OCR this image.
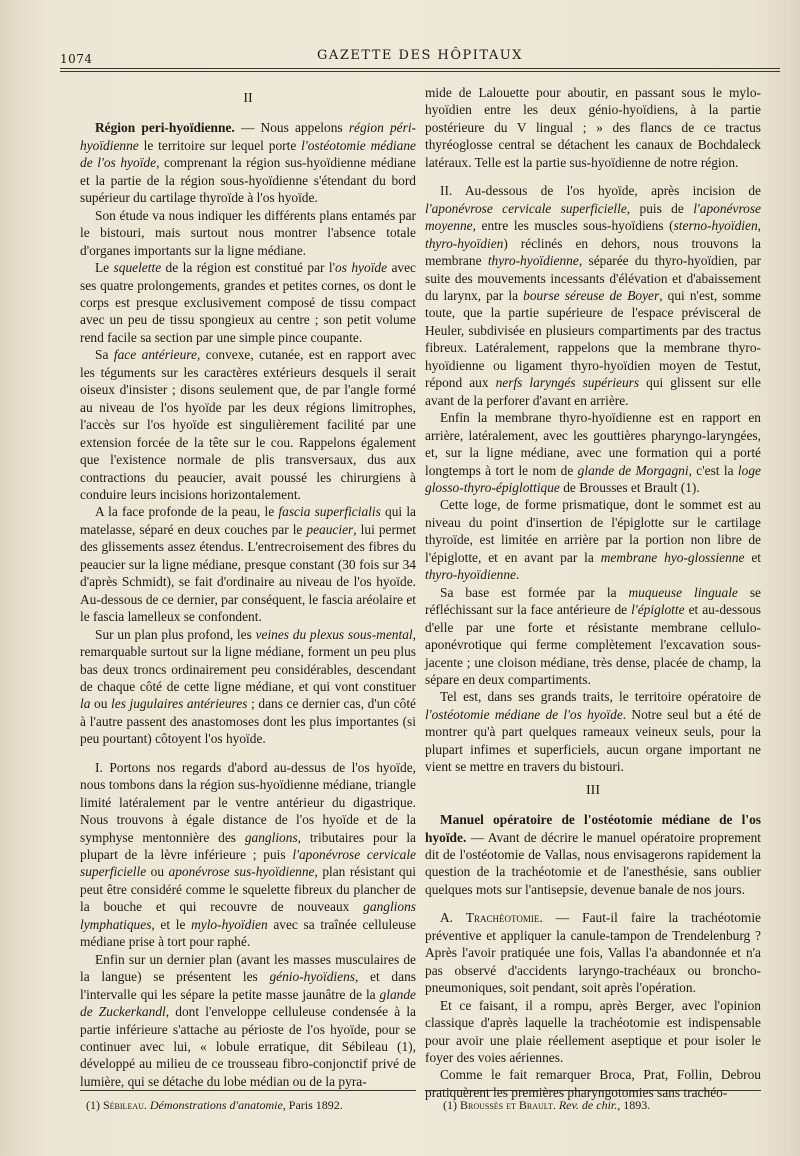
1074	GAZETTE DES HÔPITAUX
II

Région peri-hyoïdienne. — Nous appelons région péri-hyoïdienne le territoire sur lequel porte l'ostéotomie médiane de l'os hyoïde, comprenant la région sus-hyoïdienne médiane et la partie de la région sous-hyoïdienne s'étendant du bord supérieur du cartilage thyroïde à l'os hyoïde.

Son étude va nous indiquer les différents plans entamés par le bistouri, mais surtout nous montrer l'absence totale d'organes importants sur la ligne médiane.

Le squelette de la région est constitué par l'os hyoïde avec ses quatre prolongements, grandes et petites cornes, os dont le corps est presque exclusivement composé de tissu compact avec un peu de tissu spongieux au centre ; son petit volume rend facile sa section par une simple pince coupante.

Sa face antérieure, convexe, cutanée, est en rapport avec les téguments sur les caractères extérieurs desquels il serait oiseux d'insister ; disons seulement que, de par l'angle formé au niveau de l'os hyoïde par les deux régions limitrophes, l'accès sur l'os hyoïde est singulièrement facilité par une extension forcée de la tête sur le cou. Rappelons également que l'existence normale de plis transversaux, dus aux contractions du peaucier, avait poussé les chirurgiens à conduire leurs incisions horizontalement.

A la face profonde de la peau, le fascia superficialis qui la matelasse, séparé en deux couches par le peaucier, lui permet des glissements assez étendus. L'entrecroisement des fibres du peaucier sur la ligne médiane, presque constant (30 fois sur 34 d'après Schmidt), se fait d'ordinaire au niveau de l'os hyoïde. Au-dessous de ce dernier, par conséquent, le fascia aréolaire et le fascia lamelleux se confondent.

Sur un plan plus profond, les veines du plexus sous-mental, remarquable surtout sur la ligne médiane, forment un peu plus bas deux troncs ordinairement peu considérables, descendant de chaque côté de cette ligne médiane, et qui vont constituer la ou les jugulaires antérieures ; dans ce dernier cas, d'un côté à l'autre passent des anastomoses dont les plus importantes (si peu pourtant) côtoyent l'os hyoïde.

I. Portons nos regards d'abord au-dessus de l'os hyoïde, nous tombons dans la région sus-hyoïdienne médiane, triangle limité latéralement par le ventre antérieur du digastrique. Nous trouvons à égale distance de l'os hyoïde et de la symphyse mentonnière des ganglions, tributaires pour la plupart de la lèvre inférieure ; puis l'aponévrose cervicale superficielle ou aponévrose sus-hyoïdienne, plan résistant qui peut être considéré comme le squelette fibreux du plancher de la bouche et qui recouvre de nouveaux ganglions lymphatiques, et le mylo-hyoïdien avec sa traînée celluleuse médiane prise à tort pour raphé.

Enfin sur un dernier plan (avant les masses musculaires de la langue) se présentent les génio-hyoïdiens, et dans l'intervalle qui les sépare la petite masse jaunâtre de la glande de Zuckerkandl, dont l'enveloppe celluleuse condensée à la partie inférieure s'attache au périoste de l'os hyoïde, pour se continuer avec lui, « lobule erratique, dit Sébileau (1), développé au milieu de ce trousseau fibro-conjonctif privé de lumière, qui se détache du lobe médian ou de la pyra-

mide de Lalouette pour aboutir, en passant sous le mylo-hyoïdien entre les deux génio-hyoïdiens, à la partie postérieure du V lingual ; » des flancs de ce tractus thyréoglosse central se détachent les canaux de Bochdaleck latéraux. Telle est la partie sus-hyoïdienne de notre région.

II. Au-dessous de l'os hyoïde, après incision de l'aponévrose cervicale superficielle, puis de l'aponévrose moyenne, entre les muscles sous-hyoïdiens (sterno-hyoïdien, thyro-hyoïdien) réclinés en dehors, nous trouvons la membrane thyro-hyoïdienne, séparée du thyro-hyoïdien, par suite des mouvements incessants d'élévation et d'abaissement du larynx, par la bourse séreuse de Boyer, qui n'est, somme toute, que la partie supérieure de l'espace prévisceral de Heuler, subdivisée en plusieurs compartiments par des tractus fibreux. Latéralement, rappelons que la membrane thyro-hyoïdienne ou ligament thyro-hyoïdien moyen de Testut, répond aux nerfs laryngés supérieurs qui glissent sur elle avant de la perforer d'avant en arrière.

Enfin la membrane thyro-hyoïdienne est en rapport en arrière, latéralement, avec les gouttières pharyngo-laryngées, et, sur la ligne médiane, avec une formation qui a porté longtemps à tort le nom de glande de Morgagni, c'est la loge glosso-thyro-épiglottique de Brousses et Brault (1).

Cette loge, de forme prismatique, dont le sommet est au niveau du point d'insertion de l'épiglotte sur le cartilage thyroïde, est limitée en arrière par la portion non libre de l'épiglotte, et en avant par la membrane hyo-glossienne et thyro-hyoïdienne.

Sa base est formée par la muqueuse linguale se réfléchissant sur la face antérieure de l'épiglotte et au-dessous d'elle par une forte et résistante membrane cellulo-aponévrotique qui ferme complètement l'excavation sous-jacente ; une cloison médiane, très dense, placée de champ, la sépare en deux compartiments.

Tel est, dans ses grands traits, le territoire opératoire de l'ostéotomie médiane de l'os hyoïde. Notre seul but a été de montrer qu'à part quelques rameaux veineux seuls, pour la plupart infimes et superficiels, aucun organe important ne vient se mettre en travers du bistouri.

III

Manuel opératoire de l'ostéotomie médiane de l'os hyoïde. — Avant de décrire le manuel opératoire proprement dit de l'ostéotomie de Vallas, nous envisagerons rapidement la question de la trachéotomie et de l'anesthésie, sans oublier quelques mots sur l'antisepsie, devenue banale de nos jours.

A. Trachéotomie. — Faut-il faire la trachéotomie préventive et appliquer la canule-tampon de Trendelenburg ? Après l'avoir pratiquée une fois, Vallas l'a abandonnée et n'a pas observé d'accidents laryngo-trachéaux ou broncho-pneumoniques, soit pendant, soit après l'opération.

Et ce faisant, il a rompu, après Berger, avec l'opinion classique d'après laquelle la trachéotomie est indispensable pour avoir une plaie réellement aseptique et pour isoler le foyer des voies aériennes.

Comme le fait remarquer Broca, Prat, Follin, Debrou pratiquèrent les premières pharyngotomies sans trachéo-

(1) Sébileau. Démonstrations d'anatomie, Paris 1892.	(1) Broussès et Brault. Rev. de chir., 1893.
